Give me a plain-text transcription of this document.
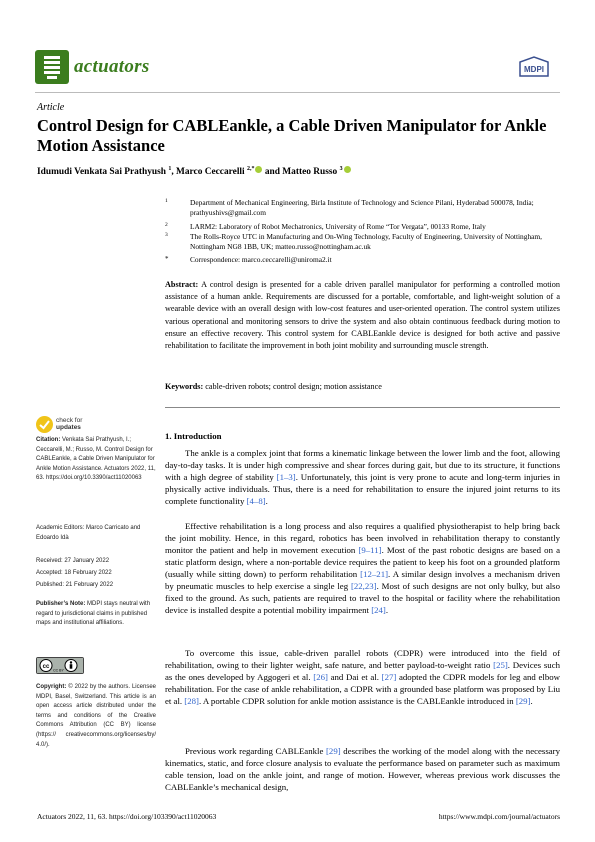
actuators	MDPI
Article
Control Design for CABLEankle, a Cable Driven Manipulator for Ankle Motion Assistance
Idumudi Venkata Sai Prathyush $^1$, Marco Ceccarelli $^{2,*}$ and Matteo Russo $^3$
1	Department of Mechanical Engineering, Birla Institute of Technology and Science Pilani, Hyderabad 500078, India; prathyushivs@gmail.com
2	LARM2: Laboratory of Robot Mechatronics, University of Rome “Tor Vergata”, 00133 Rome, Italy
3	The Rolls-Royce UTC in Manufacturing and On-Wing Technology, Faculty of Engineering, University of Nottingham, Nottingham NG8 1BB, UK; matteo.russo@nottingham.ac.uk
*	Correspondence: marco.ceccarelli@uniroma2.it
Abstract: A control design is presented for a cable driven parallel manipulator for performing a controlled motion assistance of a human ankle. Requirements are discussed for a portable, comfortable, and light-weight solution of a wearable device with an overall design with low-cost features and user-oriented operation. The control system utilizes various operational and monitoring sensors to drive the system and also obtain continuous feedback during motion to ensure an effective recovery. This control system for CABLEankle device is designed for both active and passive rehabilitation to facilitate the improvement in both joint mobility and surrounding muscle strength.
Keywords: cable-driven robots; control design; motion assistance
check for
updates
Citation: Venkata Sai Prathyush, I.; Ceccarelli, M.; Russo, M. Control Design for CABLEankle, a Cable Driven Manipulator for Ankle Motion Assistance. Actuators 2022, 11, 63. https://doi.org/10.3390/act11020063
Academic Editors: Marco Carricato and Edoardo Idà
Received: 27 January 2022
Accepted: 18 February 2022
Published: 21 February 2022
Publisher’s Note: MDPI stays neutral with regard to jurisdictional claims in published maps and institutional affiliations.
cc
CC BY
Copyright: © 2022 by the authors. Licensee MDPI, Basel, Switzerland. This article is an open access article distributed under the terms and conditions of the Creative Commons Attribution (CC BY) license (https:// creativecommons.org/licenses/by/ 4.0/).
1. Introduction
The ankle is a complex joint that forms a kinematic linkage between the lower limb and the foot, allowing day-to-day tasks. It is under high compressive and shear forces during gait, but due to its structure, it functions with a high degree of stability [1–3]. Unfortunately, this joint is very prone to acute and long-term injuries in physically active individuals. Thus, there is a need for rehabilitation to ensure the injured joint returns to its complete functionality [4–8].
Effective rehabilitation is a long process and also requires a qualified physiotherapist to help bring back the joint mobility. Hence, in this regard, robotics has been involved in rehabilitation therapy to constantly monitor the patient and help in movement execution [9–11]. Most of the past robotic designs are based on a static platform design, where a non-portable device requires the patient to keep his foot on a grounded platform (usually while sitting down) to perform rehabilitation [12–21]. A similar design involves a mechanism driven by pneumatic muscles to help exercise a single leg [22,23]. Most of such designs are not only bulky, but also fixed to the ground. As such, patients are required to travel to the hospital or facility where the rehabilitation device is installed despite a potential mobility impairment [24].
To overcome this issue, cable-driven parallel robots (CDPR) were introduced into the field of rehabilitation, owing to their lighter weight, safe nature, and better payload-to-weight ratio [25]. Devices such as the ones developed by Aggogeri et al. [26] and Dai et al. [27] adopted the CDPR models for leg and elbow rehabilitation. For the case of ankle rehabilitation, a CDPR with a grounded base platform was proposed by Liu et al. [28]. A portable CDPR solution for ankle motion assistance is the CABLEankle introduced in [29].
Previous work regarding CABLEankle [29] describes the working of the model along with the necessary kinematics, static, and force closure analysis to evaluate the performance based on parameter such as maximum cable tension, load on the ankle joint, and range of motion. However, whereas previous work discusses the CABLEankle’s mechanical design,
Actuators 2022, 11, 63. https://doi.org/103390/act11020063	https://www.mdpi.com/journal/actuators
